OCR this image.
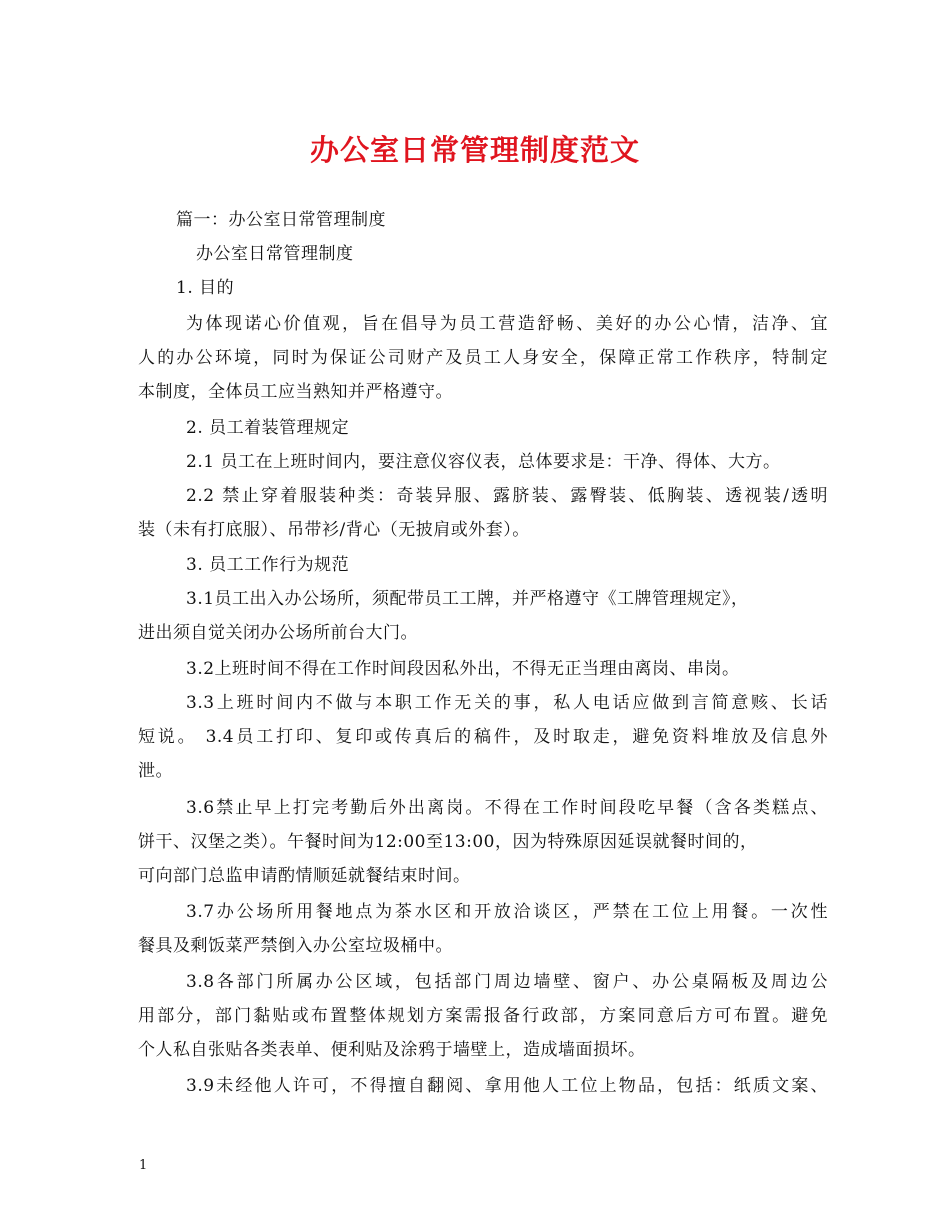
办公室日常管理制度范文
篇一：办公室日常管理制度
办公室日常管理制度
1. 目的
为体现诺心价值观，旨在倡导为员工营造舒畅、美好的办公心情，洁净、宜
人的办公环境，同时为保证公司财产及员工人身安全，保障正常工作秩序，特制定
本制度，全体员工应当熟知并严格遵守。
2. 员工着装管理规定
2.1 员工在上班时间内，要注意仪容仪表，总体要求是：干净、得体、大方。
2.2 禁止穿着服装种类：奇装异服、露脐装、露臀装、低胸装、透视装/透明
装（未有打底服）、吊带衫/背心（无披肩或外套）。
3. 员工工作行为规范
3.1员工出入办公场所，须配带员工工牌，并严格遵守《工牌管理规定》，
进出须自觉关闭办公场所前台大门。
3.2上班时间不得在工作时间段因私外出，不得无正当理由离岗、串岗。
3.3上班时间内不做与本职工作无关的事，私人电话应做到言简意赅、长话
短说。 3.4员工打印、复印或传真后的稿件，及时取走，避免资料堆放及信息外
泄。
3.6禁止早上打完考勤后外出离岗。不得在工作时间段吃早餐（含各类糕点、
饼干、汉堡之类）。午餐时间为12:00至13:00，因为特殊原因延误就餐时间的，
可向部门总监申请酌情顺延就餐结束时间。
3.7办公场所用餐地点为茶水区和开放洽谈区，严禁在工位上用餐。一次性
餐具及剩饭菜严禁倒入办公室垃圾桶中。
3.8各部门所属办公区域，包括部门周边墙壁、窗户、办公桌隔板及周边公
用部分，部门黏贴或布置整体规划方案需报备行政部，方案同意后方可布置。避免
个人私自张贴各类表单、便利贴及涂鸦于墙壁上，造成墙面损坏。
3.9未经他人许可，不得擅自翻阅、拿用他人工位上物品，包括：纸质文案、
1
